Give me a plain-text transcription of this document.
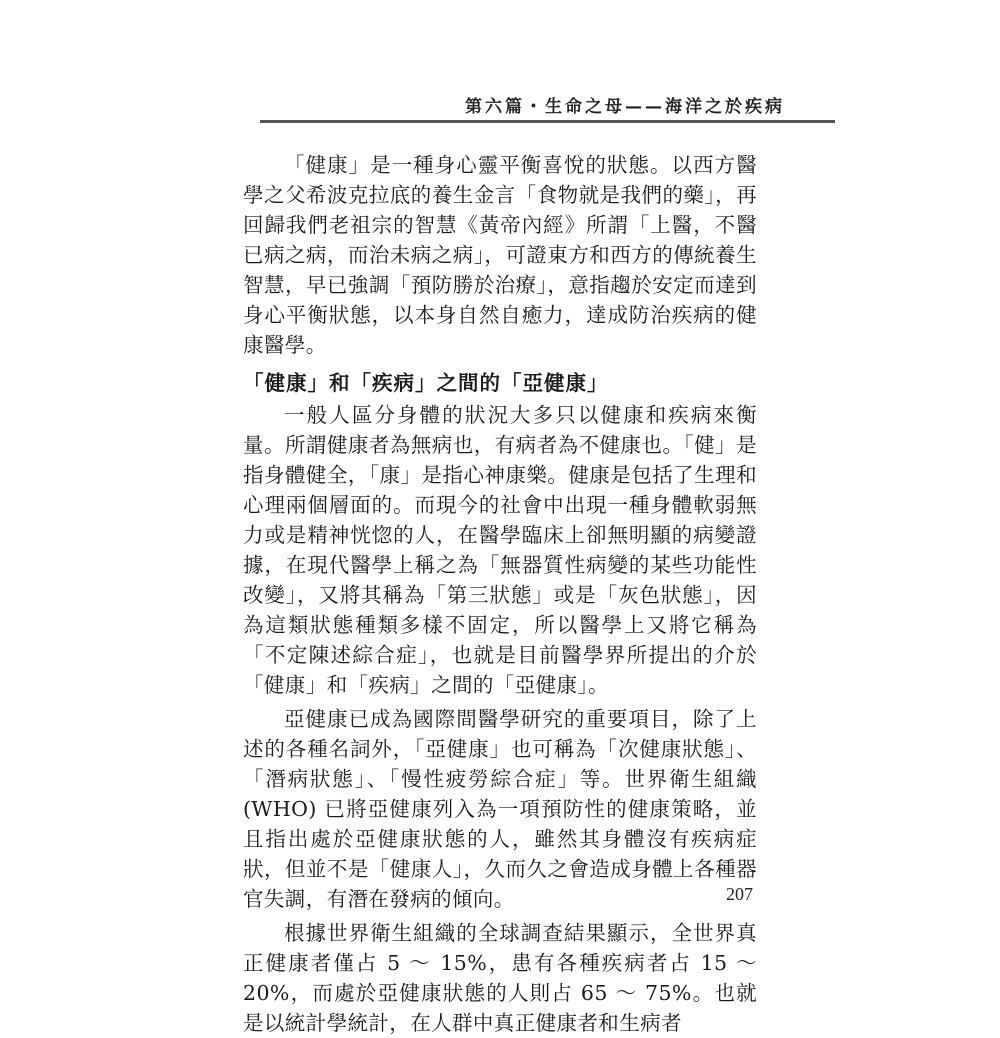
第六篇・生命之母——海洋之於疾病

「健康」是一種身心靈平衡喜悅的狀態。以西方醫學之父希波克拉底的養生金言「食物就是我們的藥」，再回歸我們老祖宗的智慧《黃帝內經》所謂「上醫，不醫已病之病，而治未病之病」，可證東方和西方的傳統養生智慧，早已強調「預防勝於治療」，意指趨於安定而達到身心平衡狀態，以本身自然自癒力，達成防治疾病的健康醫學。

「健康」和「疾病」之間的「亞健康」

一般人區分身體的狀況大多只以健康和疾病來衡量。所謂健康者為無病也，有病者為不健康也。「健」是指身體健全，「康」是指心神康樂。健康是包括了生理和心理兩個層面的。而現今的社會中出現一種身體軟弱無力或是精神恍惚的人，在醫學臨床上卻無明顯的病變證據，在現代醫學上稱之為「無器質性病變的某些功能性改變」，又將其稱為「第三狀態」或是「灰色狀態」，因為這類狀態種類多樣不固定，所以醫學上又將它稱為「不定陳述綜合症」，也就是目前醫學界所提出的介於「健康」和「疾病」之間的「亞健康」。

亞健康已成為國際間醫學研究的重要項目，除了上述的各種名詞外，「亞健康」也可稱為「次健康狀態」、「潛病狀態」、「慢性疲勞綜合症」等。世界衛生組織 (WHO) 已將亞健康列入為一項預防性的健康策略，並且指出處於亞健康狀態的人，雖然其身體沒有疾病症狀，但並不是「健康人」，久而久之會造成身體上各種器官失調，有潛在發病的傾向。

根據世界衛生組織的全球調查結果顯示，全世界真正健康者僅占 5 ～ 15%，患有各種疾病者占 15 ～ 20%，而處於亞健康狀態的人則占 65 ～ 75%。也就是以統計學統計，在人群中真正健康者和生病者

207
